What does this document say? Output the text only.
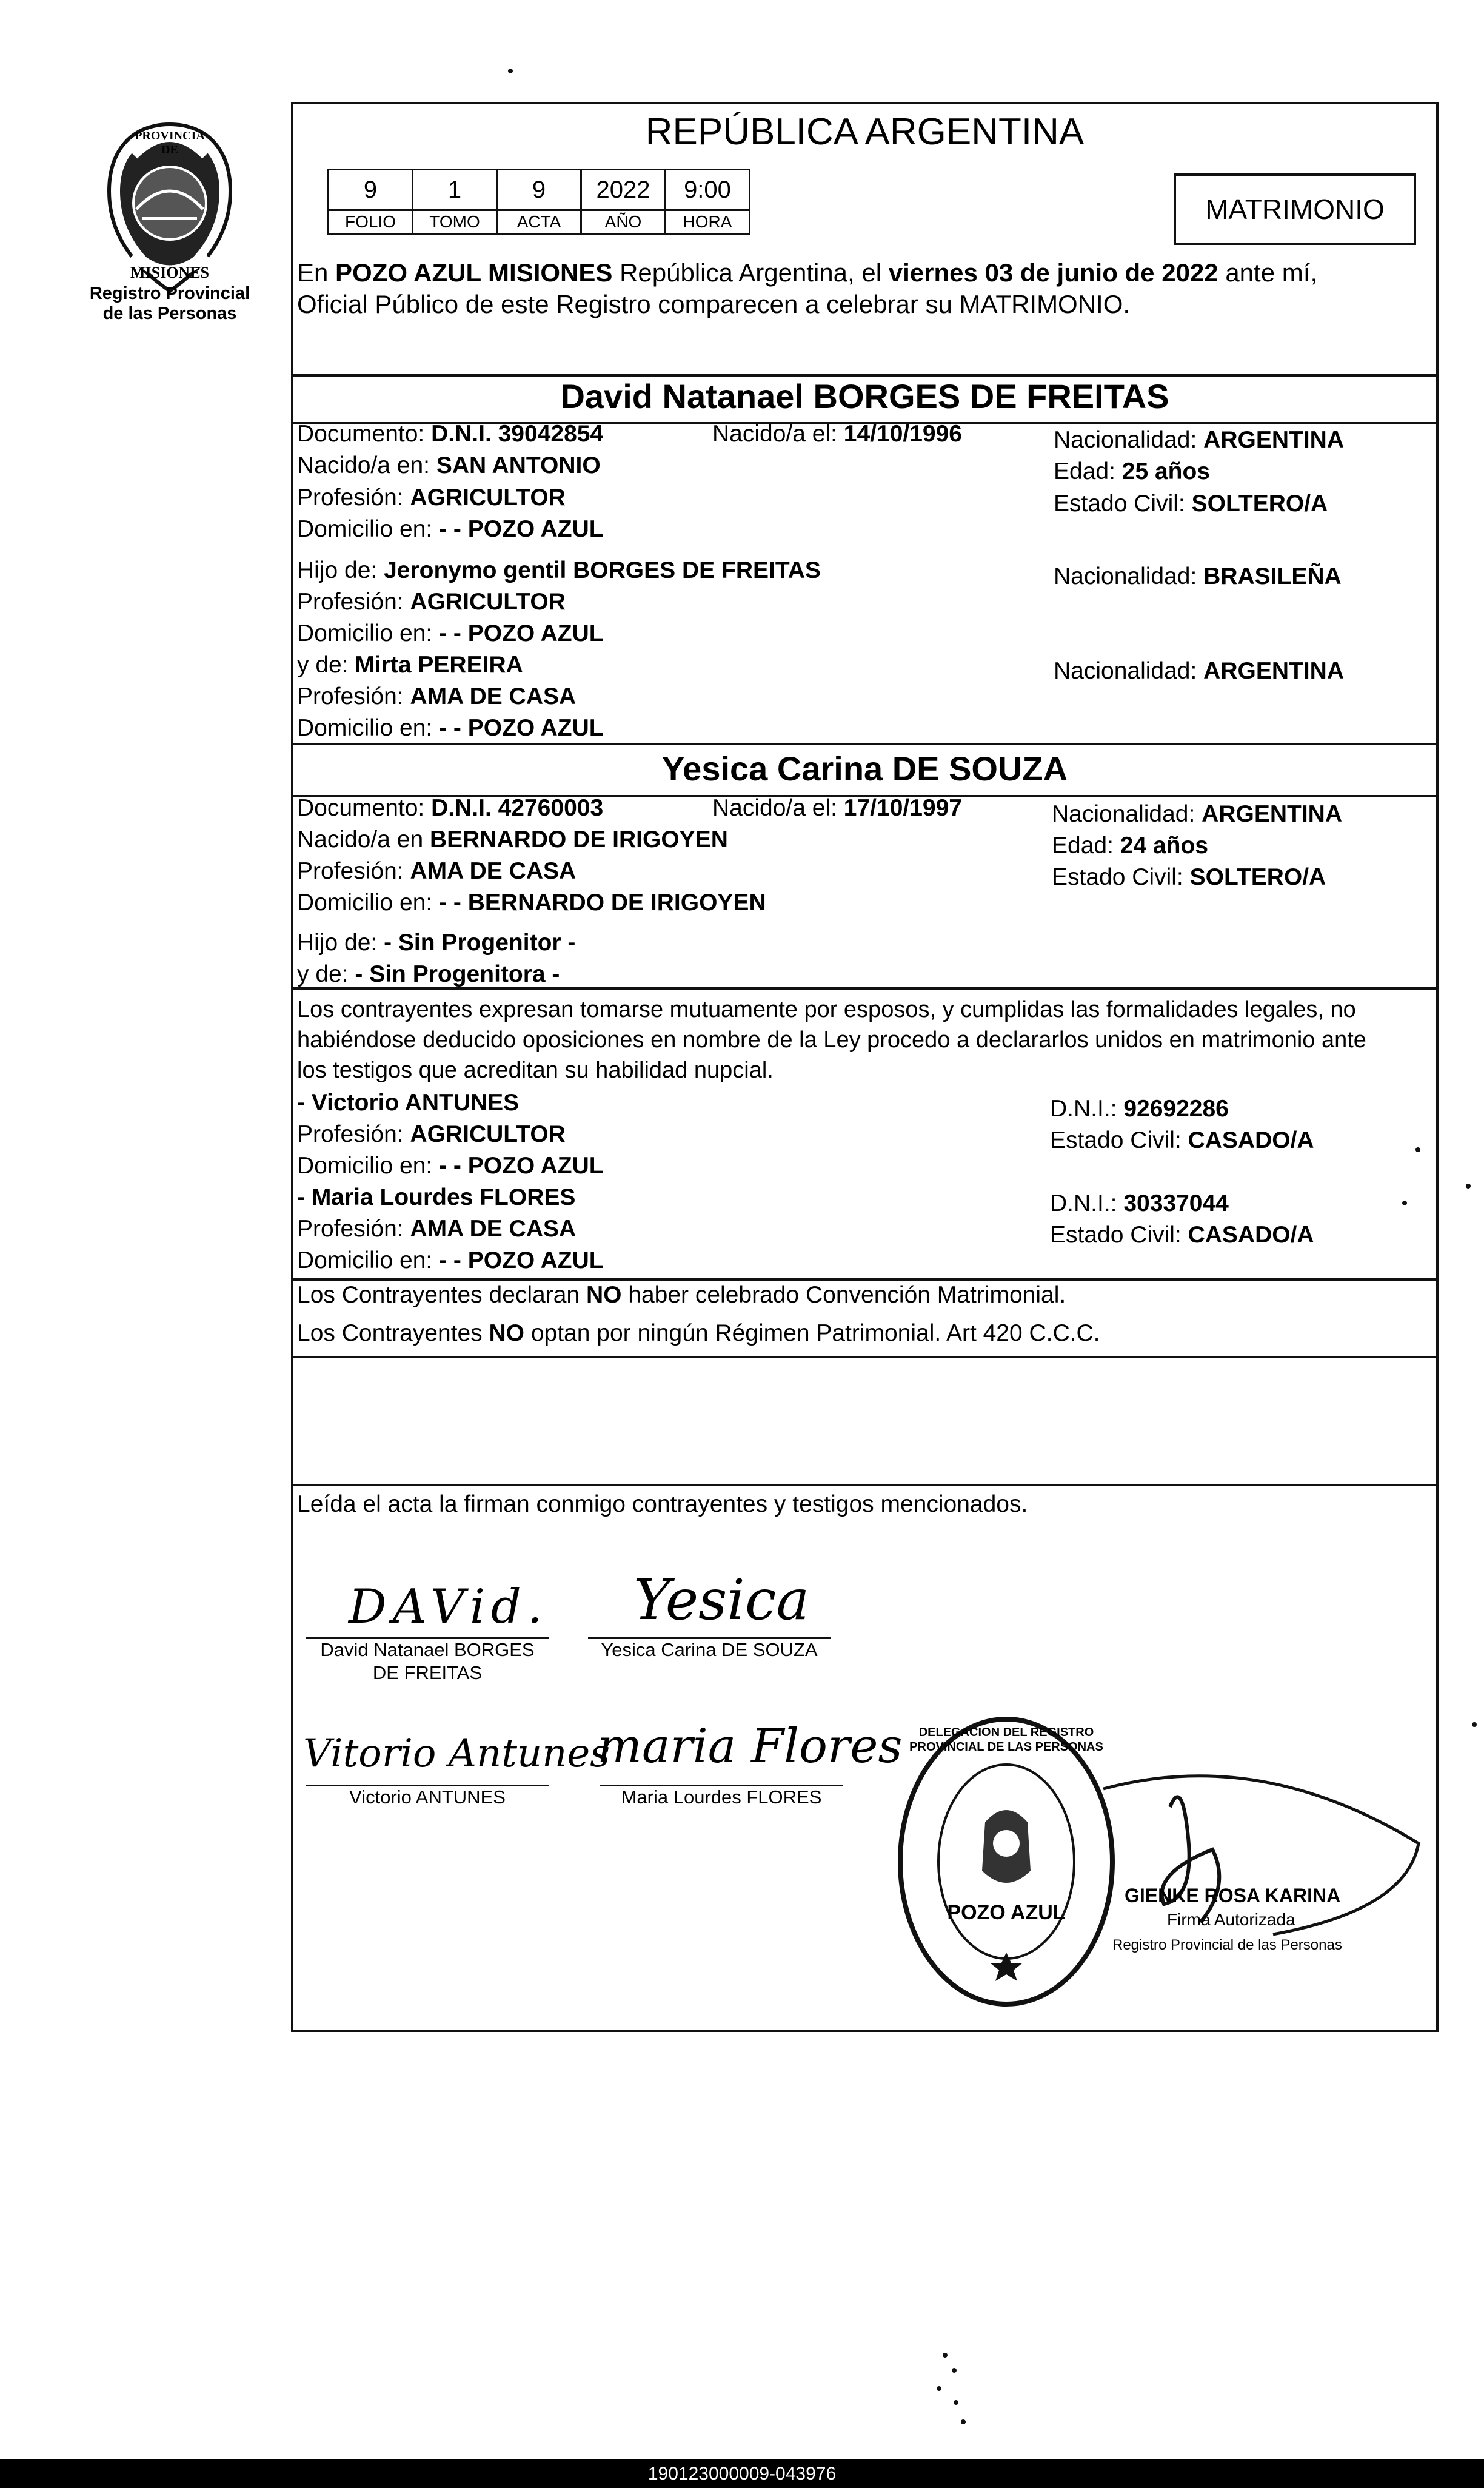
PROVINCIA DE
MISIONES
Registro Provincial
de las Personas
REPÚBLICA ARGENTINA
9	1	9	2022	9:00
FOLIO	TOMO	ACTA	AÑO	HORA	MATRIMONIO
En POZO AZUL MISIONES República Argentina, el viernes 03 de junio de 2022 ante mí,
Oficial Público de este Registro comparecen a celebrar su MATRIMONIO.
David Natanael BORGES DE FREITAS
Documento: D.N.I. 39042854	Nacido/a el: 14/10/1996	Nacionalidad: ARGENTINA
Nacido/a en: SAN ANTONIO	Edad: 25 años
Profesión: AGRICULTOR	Estado Civil: SOLTERO/A
Domicilio en: - - POZO AZUL
Hijo de: Jeronymo gentil BORGES DE FREITAS	Nacionalidad: BRASILEÑA
Profesión: AGRICULTOR
Domicilio en: - - POZO AZUL
y de: Mirta PEREIRA	Nacionalidad: ARGENTINA
Profesión: AMA DE CASA
Domicilio en: - - POZO AZUL
Yesica Carina DE SOUZA
Documento: D.N.I. 42760003	Nacido/a el: 17/10/1997	Nacionalidad: ARGENTINA
Nacido/a en BERNARDO DE IRIGOYEN	Edad: 24 años
Profesión: AMA DE CASA	Estado Civil: SOLTERO/A
Domicilio en: - - BERNARDO DE IRIGOYEN
Hijo de: - Sin Progenitor -
y de: - Sin Progenitora -
Los contrayentes expresan tomarse mutuamente por esposos, y cumplidas las formalidades legales, no
habiéndose deducido oposiciones en nombre de la Ley procedo a declararlos unidos en matrimonio ante
los testigos que acreditan su habilidad nupcial.
- Victorio ANTUNES	D.N.I.: 92692286
Profesión: AGRICULTOR	Estado Civil: CASADO/A
Domicilio en: - - POZO AZUL
- Maria Lourdes FLORES	D.N.I.: 30337044
Profesión: AMA DE CASA	Estado Civil: CASADO/A
Domicilio en: - - POZO AZUL
Los Contrayentes declaran NO haber celebrado Convención Matrimonial.
Los Contrayentes NO optan por ningún Régimen Patrimonial. Art 420 C.C.C.
Leída el acta la firman conmigo contrayentes y testigos mencionados.
DAVid.
David Natanael BORGES
DE FREITAS
Yesica
Yesica Carina DE SOUZA
Vitorio Antunes
Victorio ANTUNES
maria Flores
Maria Lourdes FLORES
DELEGACION DEL REGISTRO PROVINCIAL DE LAS PERSONAS
POZO AZUL
GIENKE ROSA KARINA
Firma Autorizada
Registro Provincial de las Personas
190123000009-043976
